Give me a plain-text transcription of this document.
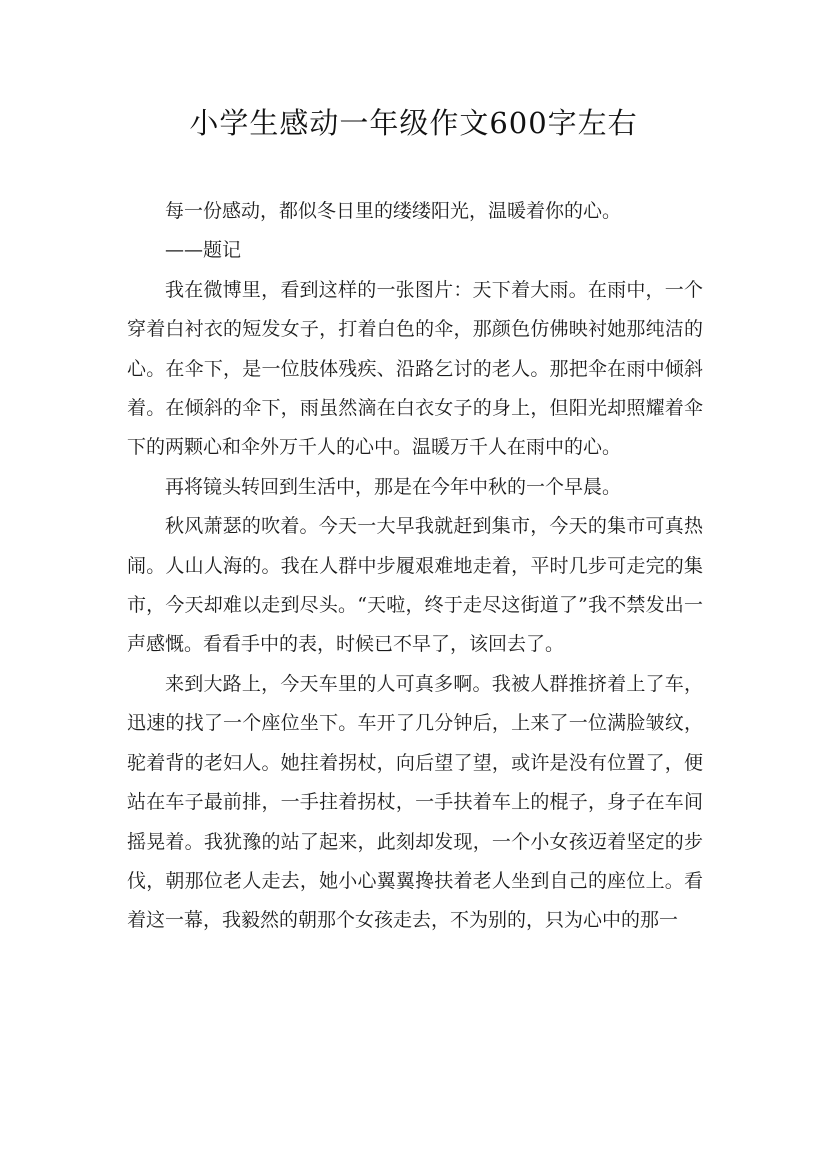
小学生感动一年级作文600字左右

每一份感动，都似冬日里的缕缕阳光，温暖着你的心。

——题记

我在微博里，看到这样的一张图片：天下着大雨。在雨中，一个穿着白衬衣的短发女子，打着白色的伞，那颜色仿佛映衬她那纯洁的心。在伞下，是一位肢体残疾、沿路乞讨的老人。那把伞在雨中倾斜着。在倾斜的伞下，雨虽然滴在白衣女子的身上，但阳光却照耀着伞下的两颗心和伞外万千人的心中。温暖万千人在雨中的心。

再将镜头转回到生活中，那是在今年中秋的一个早晨。

秋风萧瑟的吹着。今天一大早我就赶到集市，今天的集市可真热闹。人山人海的。我在人群中步履艰难地走着，平时几步可走完的集市，今天却难以走到尽头。“天啦，终于走尽这街道了”我不禁发出一声感慨。看看手中的表，时候已不早了，该回去了。

来到大路上，今天车里的人可真多啊。我被人群推挤着上了车，迅速的找了一个座位坐下。车开了几分钟后，上来了一位满脸皱纹，驼着背的老妇人。她拄着拐杖，向后望了望，或许是没有位置了，便站在车子最前排，一手拄着拐杖，一手扶着车上的棍子，身子在车间摇晃着。我犹豫的站了起来，此刻却发现，一个小女孩迈着坚定的步伐，朝那位老人走去，她小心翼翼搀扶着老人坐到自己的座位上。看着这一幕，我毅然的朝那个女孩走去，不为别的，只为心中的那一
